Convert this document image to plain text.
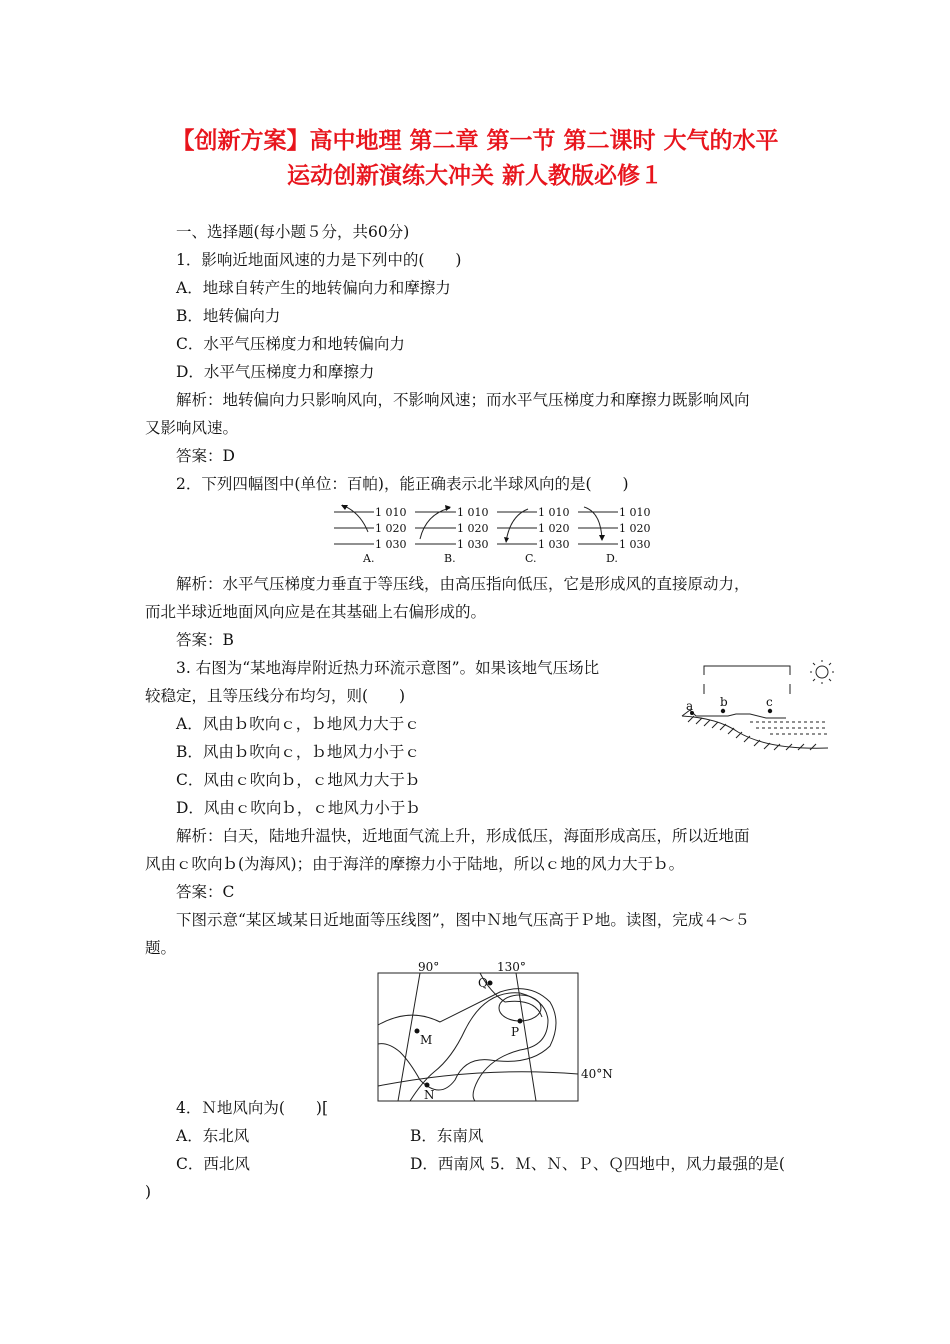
【创新方案】高中地理 第二章 第一节 第二课时 大气的水平
运动创新演练大冲关 新人教版必修１
一、选择题(每小题５分，共60分)
1．影响近地面风速的力是下列中的(　　)
A．地球自转产生的地转偏向力和摩擦力
B．地转偏向力
C．水平气压梯度力和地转偏向力
D．水平气压梯度力和摩擦力
解析：地转偏向力只影响风向，不影响风速；而水平气压梯度力和摩擦力既影响风向
又影响风速。
答案：D
2．下列四幅图中(单位：百帕)，能正确表示北半球风向的是(　　)
1 010
1 020
1 030
1 010
1 020
1 030
1 010
1 020
1 030
1 010
1 020
1 030
A.	B.	C.	D.
解析：水平气压梯度力垂直于等压线，由高压指向低压，它是形成风的直接原动力，
而北半球近地面风向应是在其基础上右偏形成的。
答案：B
3. 右图为“某地海岸附近热力环流示意图”。如果该地气压场比
较稳定，且等压线分布均匀，则(　　)
A．风由ｂ吹向ｃ，ｂ地风力大于ｃ
B．风由ｂ吹向ｃ，ｂ地风力小于ｃ
C．风由ｃ吹向ｂ，ｃ地风力大于ｂ
D．风由ｃ吹向ｂ，ｃ地风力小于ｂ
a b	c
解析：白天，陆地升温快，近地面气流上升，形成低压，海面形成高压，所以近地面
风由ｃ吹向ｂ(为海风)；由于海洋的摩擦力小于陆地，所以ｃ地的风力大于ｂ。
答案：C
下图示意“某区域某日近地面等压线图”，图中Ｎ地气压高于Ｐ地。读图，完成４～５
题。
90°	130°
40°N
M
N
P
Q
4．Ｎ地风向为(　　)[
A．东北风	B．东南风
C．西北风	D．西南风 5．Ｍ、Ｎ、Ｐ、Ｑ四地中，风力最强的是(
)
